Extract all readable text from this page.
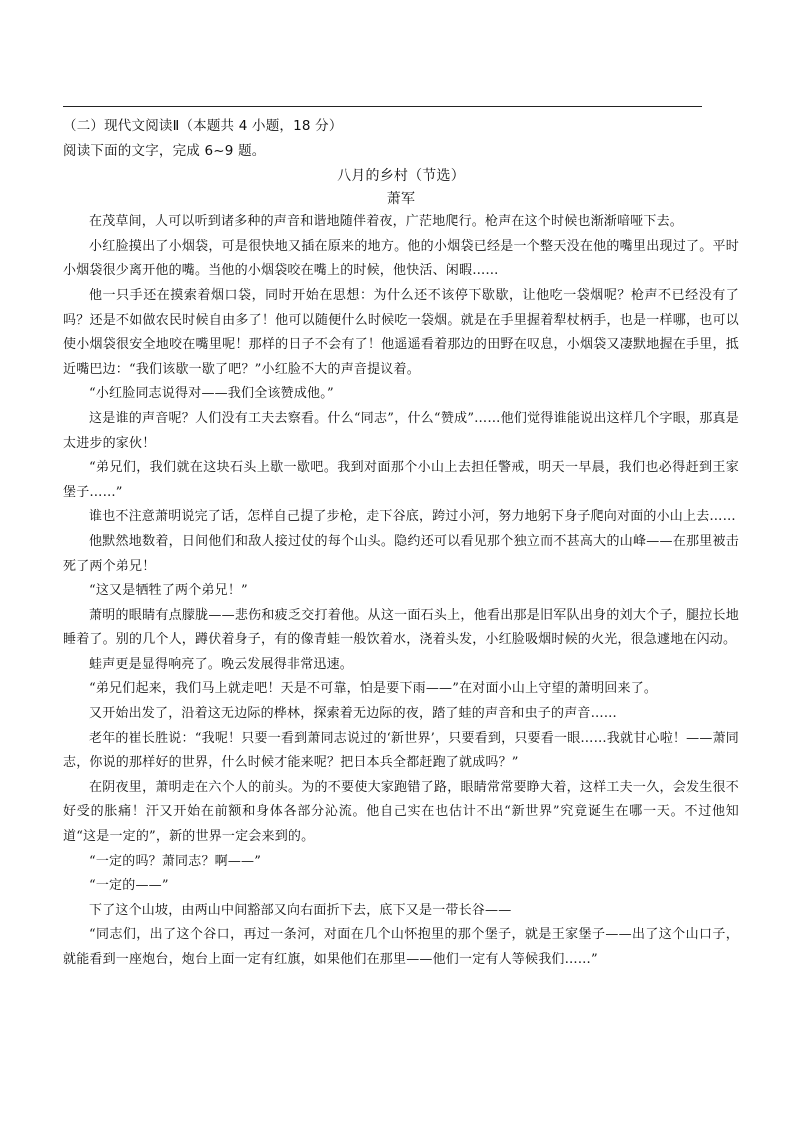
（二）现代文阅读Ⅱ（本题共 4 小题，18 分）

阅读下面的文字，完成 6~9 题。

八月的乡村（节选）

萧军

在茂草间，人可以听到诸多种的声音和谐地随伴着夜，广茫地爬行。枪声在这个时候也渐渐喑哑下去。

小红脸摸出了小烟袋，可是很快地又插在原来的地方。他的小烟袋已经是一个整天没在他的嘴里出现过了。平时小烟袋很少离开他的嘴。当他的小烟袋咬在嘴上的时候，他快活、闲暇……

他一只手还在摸索着烟口袋，同时开始在思想：为什么还不该停下歇歇，让他吃一袋烟呢？枪声不已经没有了吗？还是不如做农民时候自由多了！他可以随便什么时候吃一袋烟。就是在手里握着犁杖柄手，也是一样哪，也可以使小烟袋很安全地咬在嘴里呢！那样的日子不会有了！他遥遥看着那边的田野在叹息，小烟袋又凄默地握在手里，抵近嘴巴边：“我们该歇一歇了吧？”小红脸不大的声音提议着。

“小红脸同志说得对——我们全该赞成他。”

这是谁的声音呢？人们没有工夫去察看。什么“同志”，什么“赞成”……他们觉得谁能说出这样几个字眼，那真是太进步的家伙！

“弟兄们，我们就在这块石头上歇一歇吧。我到对面那个小山上去担任警戒，明天一早晨，我们也必得赶到王家堡子……”

谁也不注意萧明说完了话，怎样自己提了步枪，走下谷底，跨过小河，努力地躬下身子爬向对面的小山上去……

他默然地数着，日间他们和敌人接过仗的每个山头。隐约还可以看见那个独立而不甚高大的山峰——在那里被击死了两个弟兄！

“这又是牺牲了两个弟兄！”

萧明的眼睛有点朦胧——悲伤和疲乏交打着他。从这一面石头上，他看出那是旧军队出身的刘大个子，腿拉长地睡着了。别的几个人，蹲伏着身子，有的像青蛙一般饮着水，浇着头发，小红脸吸烟时候的火光，很急遽地在闪动。

蛙声更是显得响亮了。晚云发展得非常迅速。

“弟兄们起来，我们马上就走吧！天是不可靠，怕是要下雨——”在对面小山上守望的萧明回来了。

又开始出发了，沿着这无边际的桦林，探索着无边际的夜，踏了蛙的声音和虫子的声音……

老年的崔长胜说：“我呢！只要一看到萧同志说过的‘新世界’，只要看到，只要看一眼……我就甘心啦！——萧同志，你说的那样好的世界，什么时候才能来呢？把日本兵全都赶跑了就成吗？”

在阴夜里，萧明走在六个人的前头。为的不要使大家跑错了路，眼睛常常要睁大着，这样工夫一久，会发生很不好受的胀痛！汗又开始在前额和身体各部分沁流。他自己实在也估计不出“新世界”究竟诞生在哪一天。不过他知道“这是一定的”，新的世界一定会来到的。

“一定的吗？萧同志？啊——”

“一定的——”

下了这个山坡，由两山中间豁部又向右面折下去，底下又是一带长谷——

“同志们，出了这个谷口，再过一条河，对面在几个山怀抱里的那个堡子，就是王家堡子——出了这个山口子，就能看到一座炮台，炮台上面一定有红旗，如果他们在那里——他们一定有人等候我们……”
